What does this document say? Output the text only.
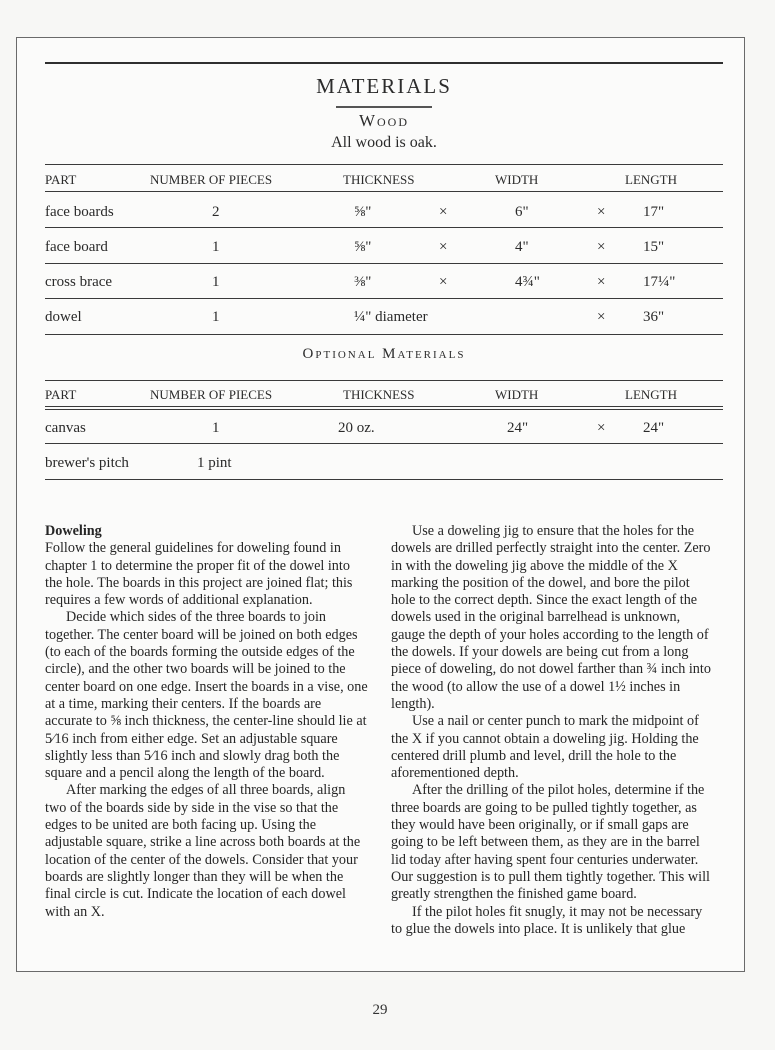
MATERIALS
Wood
All wood is oak.
PART	NUMBER OF PIECES	THICKNESS	WIDTH	LENGTH
face boards	2	⅝"	×	6"	×	17"
face board	1	⅝"	×	4"	×	15"
cross brace	1	⅜"	×	4¾"	×	17¼"
dowel	1	¼" diameter	×	36"
Optional Materials
PART	NUMBER OF PIECES	THICKNESS	WIDTH	LENGTH
canvas	1	20 oz.	24"	×	24"
brewer's pitch	1 pint
Doweling

Follow the general guidelines for doweling found in chapter 1 to determine the proper fit of the dowel into the hole. The boards in this project are joined flat; this requires a few words of additional explanation.

Decide which sides of the three boards to join together. The center board will be joined on both edges (to each of the boards forming the outside edges of the circle), and the other two boards will be joined to the center board on one edge. Insert the boards in a vise, one at a time, marking their centers. If the boards are accurate to ⅝ inch thickness, the center-line should lie at 5⁄16 inch from either edge. Set an adjustable square slightly less than 5⁄16 inch and slowly drag both the square and a pencil along the length of the board.

After marking the edges of all three boards, align two of the boards side by side in the vise so that the edges to be united are both facing up. Using the adjustable square, strike a line across both boards at the location of the center of the dowels. Consider that your boards are slightly longer than they will be when the final circle is cut. Indicate the location of each dowel with an X.

Use a doweling jig to ensure that the holes for the dowels are drilled perfectly straight into the center. Zero in with the doweling jig above the middle of the X marking the position of the dowel, and bore the pilot hole to the correct depth. Since the exact length of the dowels used in the original barrelhead is unknown, gauge the depth of your holes according to the length of the dowels. If your dowels are being cut from a long piece of doweling, do not dowel farther than ¾ inch into the wood (to allow the use of a dowel 1½ inches in length).

Use a nail or center punch to mark the midpoint of the X if you cannot obtain a doweling jig. Holding the centered drill plumb and level, drill the hole to the aforementioned depth.

After the drilling of the pilot holes, determine if the three boards are going to be pulled tightly together, as they would have been originally, or if small gaps are going to be left between them, as they are in the barrel lid today after having spent four centuries underwater. Our suggestion is to pull them tightly together. This will greatly strengthen the finished game board.

If the pilot holes fit snugly, it may not be necessary to glue the dowels into place. It is unlikely that glue

29
